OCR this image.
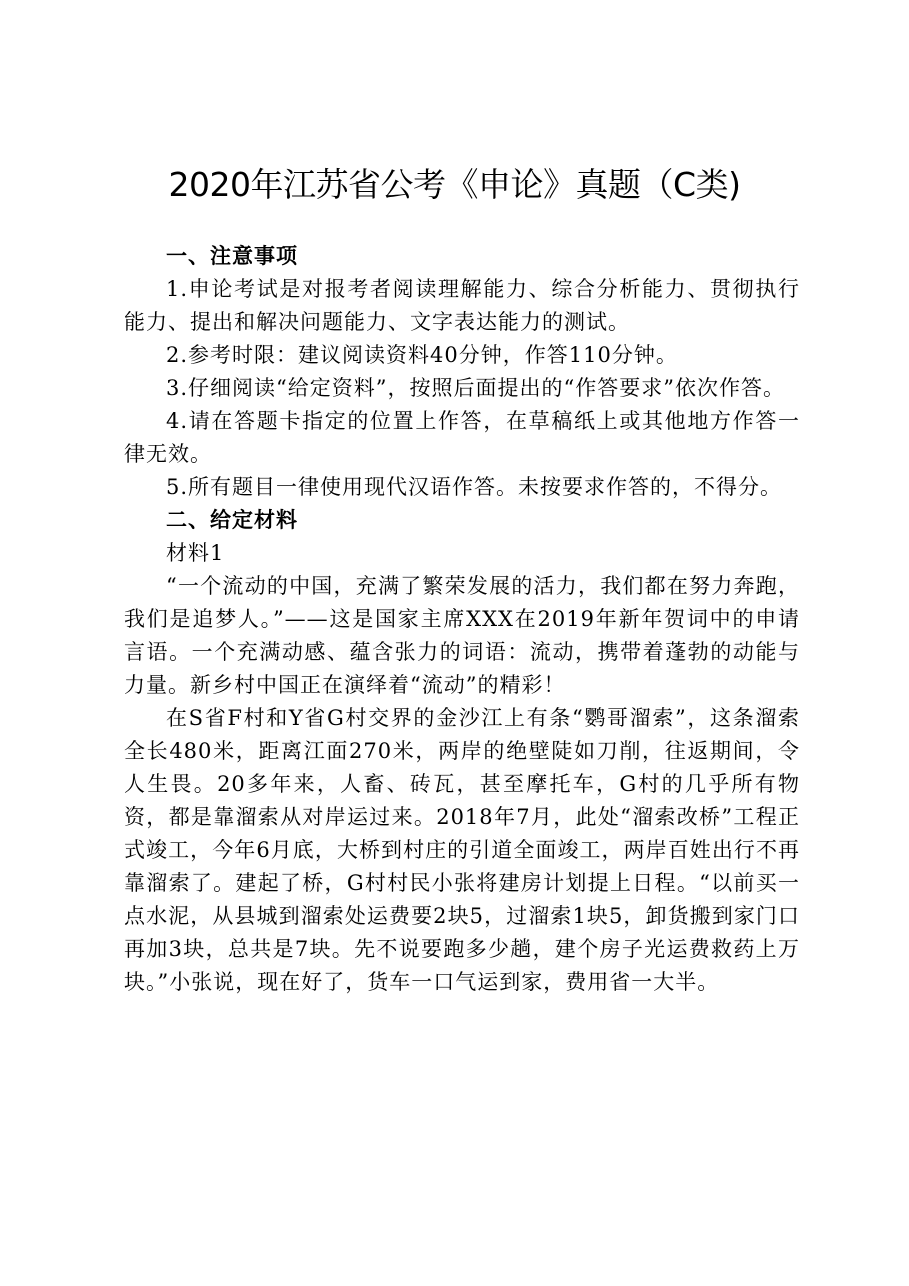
2020年江苏省公考《申论》真题（C类)

一、注意事项

1.申论考试是对报考者阅读理解能力、综合分析能力、贯彻执行能力、提出和解决问题能力、文字表达能力的测试。

2.参考时限：建议阅读资料40分钟，作答110分钟。

3.仔细阅读“给定资料”，按照后面提出的“作答要求”依次作答。

4.请在答题卡指定的位置上作答，在草稿纸上或其他地方作答一律无效。

5.所有题目一律使用现代汉语作答。未按要求作答的，不得分。

二、给定材料

材料1

“一个流动的中国，充满了繁荣发展的活力，我们都在努力奔跑，我们是追梦人。”——这是国家主席XXX在2019年新年贺词中的申请言语。一个充满动感、蕴含张力的词语：流动，携带着蓬勃的动能与力量。新乡村中国正在演绎着“流动”的精彩！

在S省F村和Y省G村交界的金沙江上有条“鹦哥溜索”，这条溜索全长480米，距离江面270米，两岸的绝壁陡如刀削，往返期间，令人生畏。20多年来，人畜、砖瓦，甚至摩托车，G村的几乎所有物资，都是靠溜索从对岸运过来。2018年7月，此处“溜索改桥”工程正式竣工，今年6月底，大桥到村庄的引道全面竣工，两岸百姓出行不再靠溜索了。建起了桥，G村村民小张将建房计划提上日程。“以前买一点水泥，从县城到溜索处运费要2块5，过溜索1块5，卸货搬到家门口再加3块，总共是7块。先不说要跑多少趟，建个房子光运费救药上万块。”小张说，现在好了，货车一口气运到家，费用省一大半。
